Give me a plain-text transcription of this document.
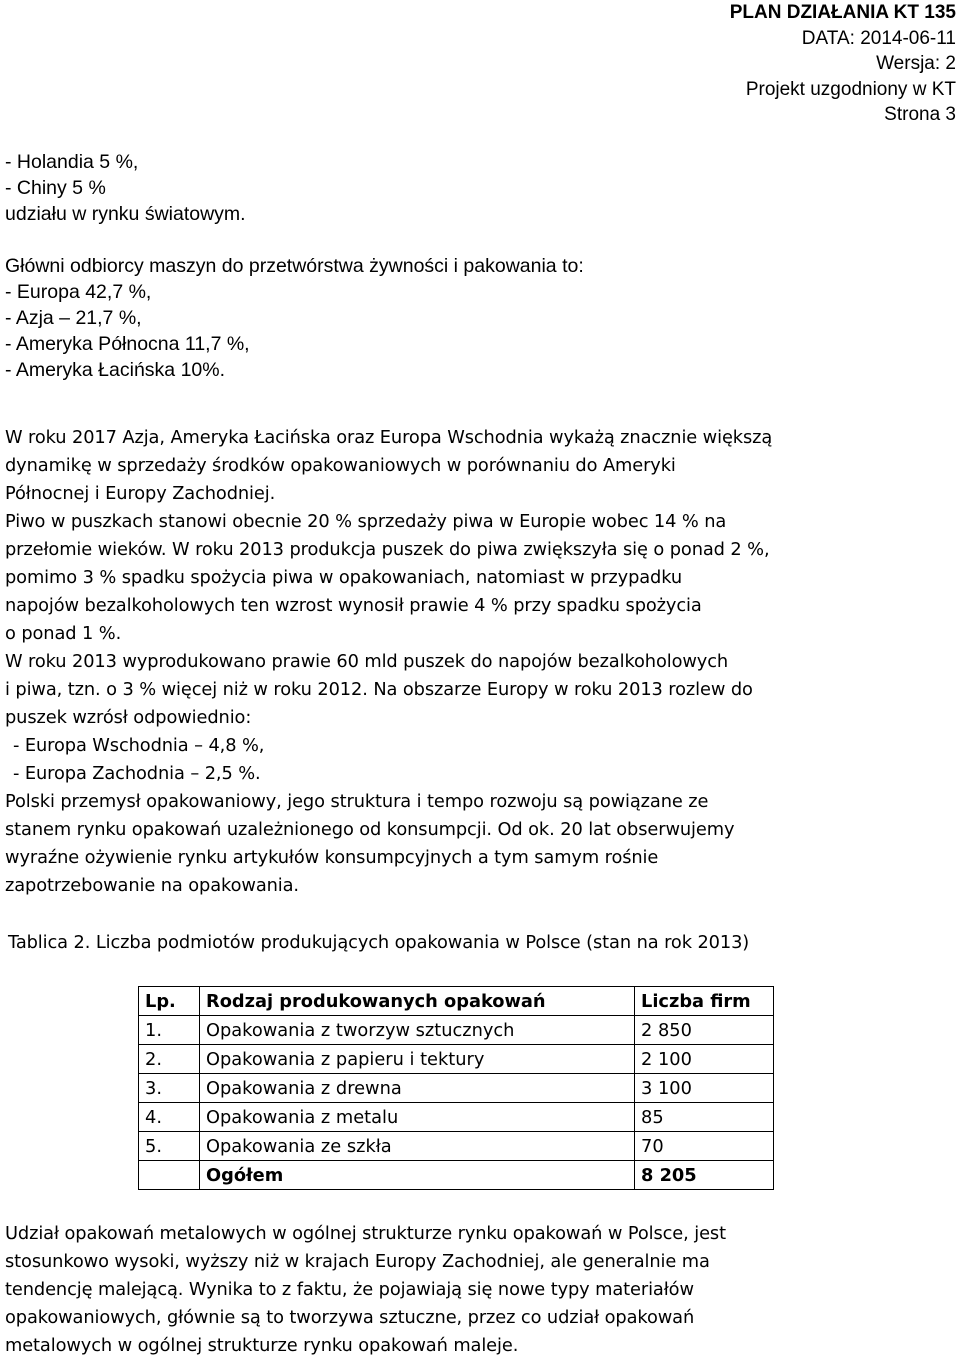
PLAN DZIAŁANIA KT 135
DATA: 2014-06-11
Wersja: 2
Projekt uzgodniony w KT
Strona 3

- Holandia 5 %,

- Chiny 5 %

udziału w rynku światowym.

Główni odbiorcy maszyn do przetwórstwa żywności i pakowania to:

- Europa 42,7 %,

- Azja – 21,7 %,

- Ameryka Północna 11,7 %,

- Ameryka Łacińska 10%.

W roku 2017 Azja, Ameryka Łacińska oraz Europa Wschodnia wykażą znacznie większą

dynamikę w sprzedaży środków opakowaniowych w porównaniu do Ameryki

Północnej i Europy Zachodniej.

Piwo w puszkach stanowi obecnie 20 % sprzedaży piwa w Europie wobec 14 % na

przełomie wieków. W roku 2013 produkcja puszek do piwa zwiększyła się o ponad 2 %,

pomimo 3 % spadku spożycia piwa w opakowaniach, natomiast w przypadku

napojów bezalkoholowych ten wzrost wynosił prawie 4 % przy spadku spożycia

o ponad 1 %.

W roku 2013 wyprodukowano prawie 60 mld puszek do napojów bezalkoholowych

i piwa, tzn. o 3 % więcej niż w roku 2012. Na obszarze Europy w roku 2013 rozlew do

puszek wzrósł odpowiednio:

- Europa Wschodnia – 4,8 %,

- Europa Zachodnia – 2,5 %.

Polski przemysł opakowaniowy, jego struktura i tempo rozwoju są powiązane ze

stanem rynku opakowań uzależnionego od konsumpcji. Od ok. 20 lat obserwujemy

wyraźne ożywienie rynku artykułów konsumpcyjnych a tym samym rośnie

zapotrzebowanie na opakowania.

Tablica 2. Liczba podmiotów produkujących opakowania w Polsce (stan na rok 2013)
Lp.	Rodzaj produkowanych opakowań	Liczba firm
1.	Opakowania z tworzyw sztucznych	2 850
2.	Opakowania z papieru i tektury	2 100
3.	Opakowania z drewna	3 100
4.	Opakowania z metalu	85
5.	Opakowania ze szkła	70
	Ogółem	8 205
Udział opakowań metalowych w ogólnej strukturze rynku opakowań w Polsce, jest
stosunkowo wysoki, wyższy niż w krajach Europy Zachodniej, ale generalnie ma
tendencję malejącą. Wynika to z faktu, że pojawiają się nowe typy materiałów
opakowaniowych, głównie są to tworzywa sztuczne, przez co udział opakowań
metalowych w ogólnej strukturze rynku opakowań maleje.
